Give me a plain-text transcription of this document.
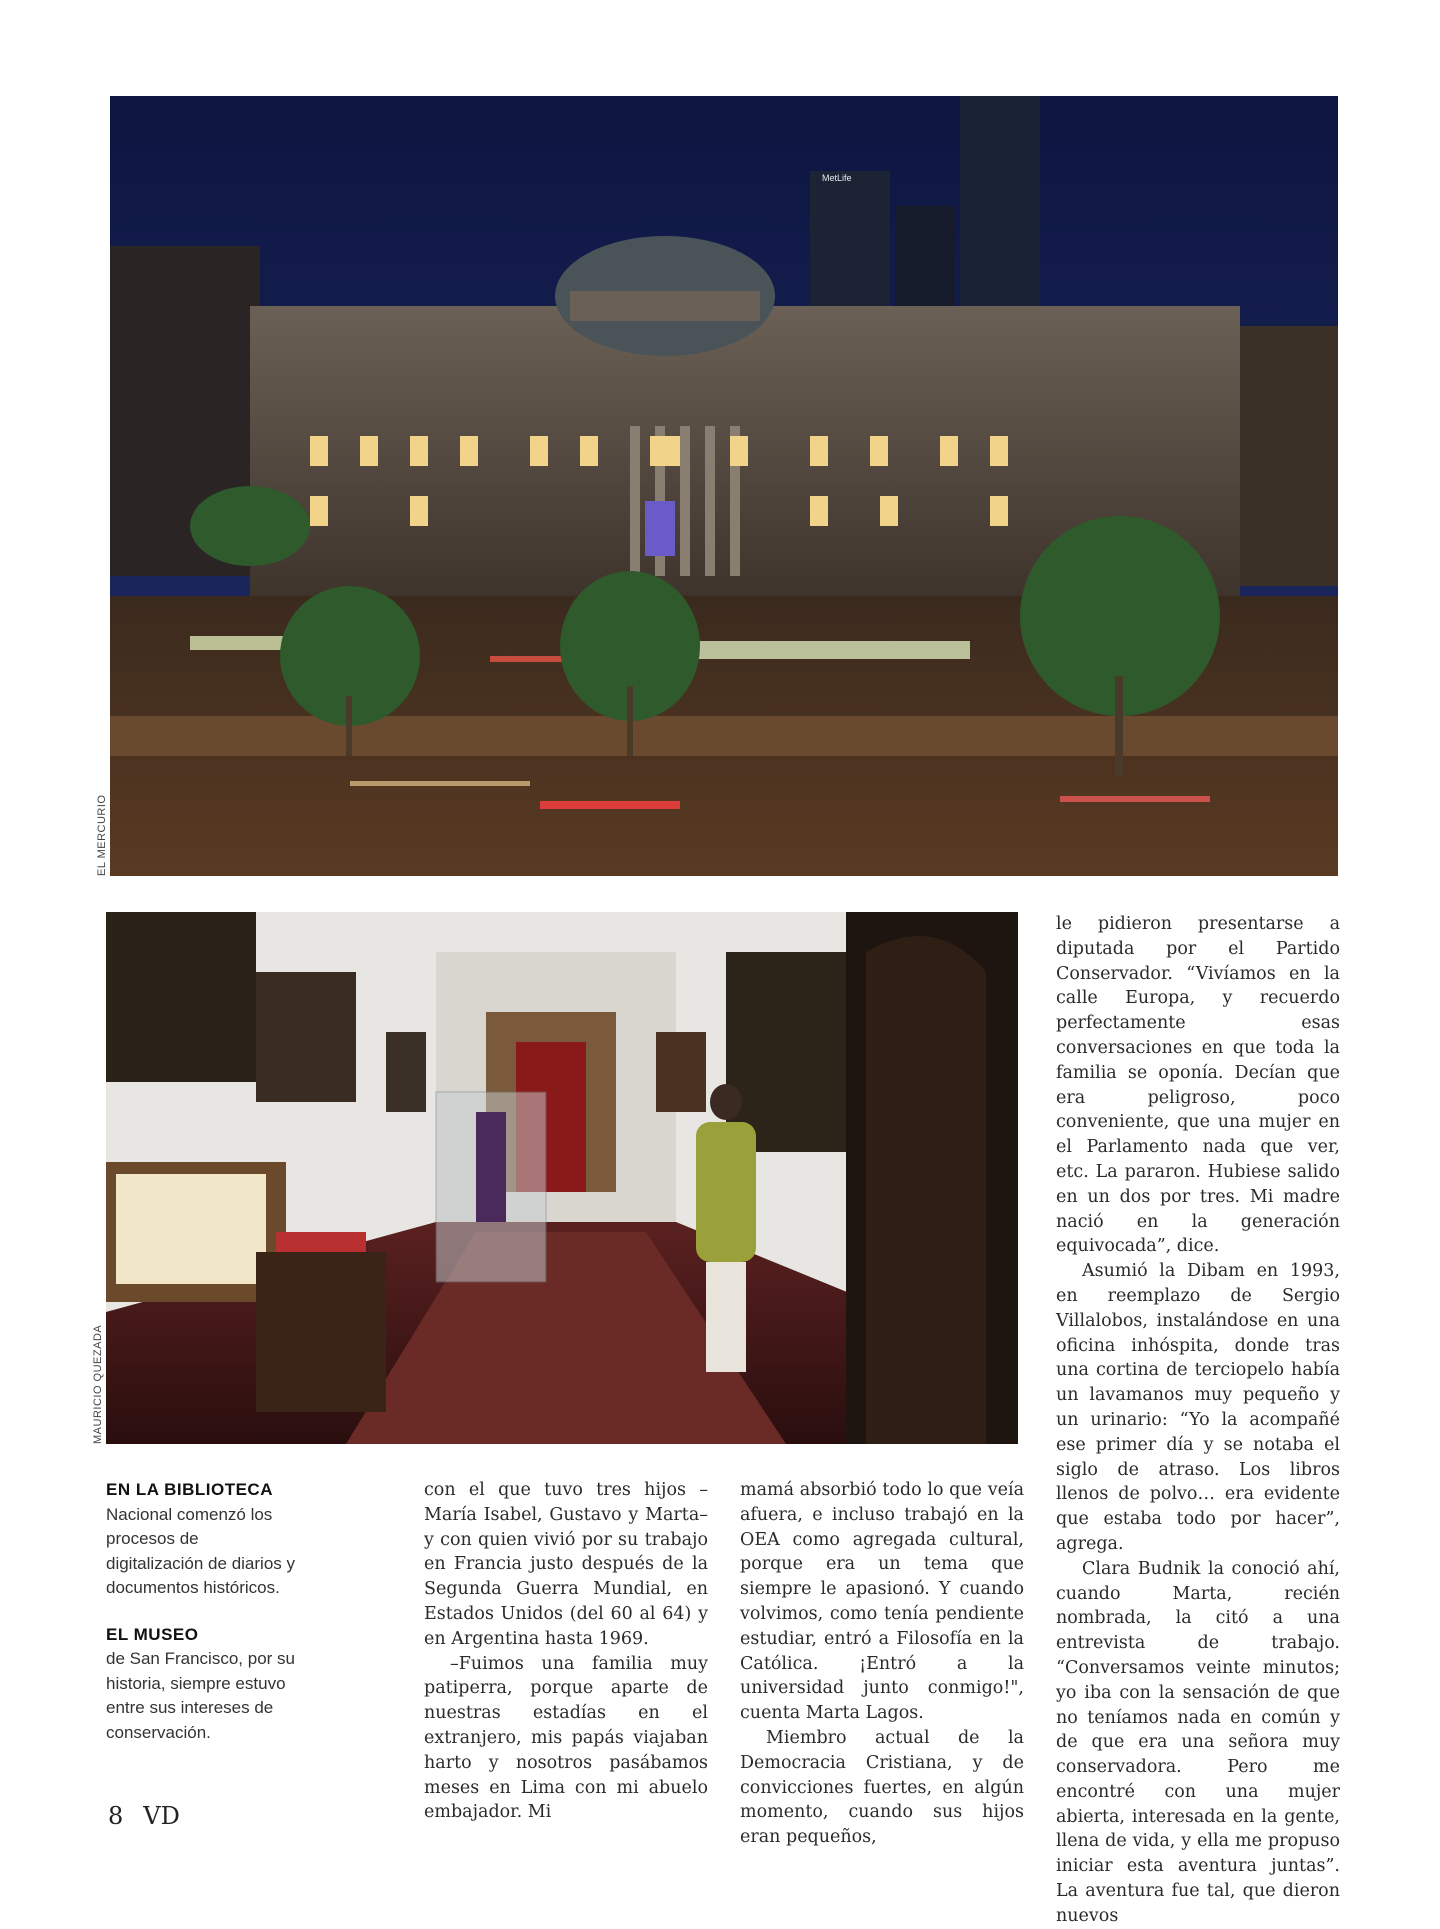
MetLife
EL MERCURIO
MAURICIO QUEZADA
EN LA BIBLIOTECA
Nacional comenzó los procesos de digitalización de diarios y documentos históricos.
EL MUSEO
de San Francisco, por su historia, siempre estuvo entre sus intereses de conservación.

con el que tuvo tres hijos –María Isabel, Gustavo y Marta– y con quien vivió por su trabajo en Francia justo después de la Segunda Guerra Mundial, en Estados Unidos (del 60 al 64) y en Argentina hasta 1969.

–Fuimos una familia muy patiperra, porque aparte de nuestras estadías en el extranjero, mis papás viajaban harto y nosotros pasábamos meses en Lima con mi abuelo embajador. Mi

mamá absorbió todo lo que veía afuera, e incluso trabajó en la OEA como agregada cultural, porque era un tema que siempre le apasionó. Y cuando volvimos, como tenía pendiente estudiar, entró a Filosofía en la Católica. ¡Entró a la universidad junto conmigo!", cuenta Marta Lagos.

Miembro actual de la Democracia Cristiana, y de convicciones fuertes, en algún momento, cuando sus hijos eran pequeños,

le pidieron presentarse a diputada por el Partido Conservador. “Vivíamos en la calle Europa, y recuerdo perfectamente esas conversaciones en que toda la familia se oponía. Decían que era peligroso, poco conveniente, que una mujer en el Parlamento nada que ver, etc. La pararon. Hubiese salido en un dos por tres. Mi madre nació en la generación equivocada”, dice.

Asumió la Dibam en 1993, en reemplazo de Sergio Villalobos, instalándose en una oficina inhóspita, donde tras una cortina de terciopelo había un lavamanos muy pequeño y un urinario: “Yo la acompañé ese primer día y se notaba el siglo de atraso. Los libros llenos de polvo… era evidente que estaba todo por hacer”, agrega.

Clara Budnik la conoció ahí, cuando Marta, recién nombrada, la citó a una entrevista de trabajo. “Conversamos veinte minutos; yo iba con la sensación de que no teníamos nada en común y de que era una señora muy conservadora. Pero me encontré con una mujer abierta, interesada en la gente, llena de vida, y ella me propuso iniciar esta aventura juntas”. La aventura fue tal, que dieron nuevos

8 VD
